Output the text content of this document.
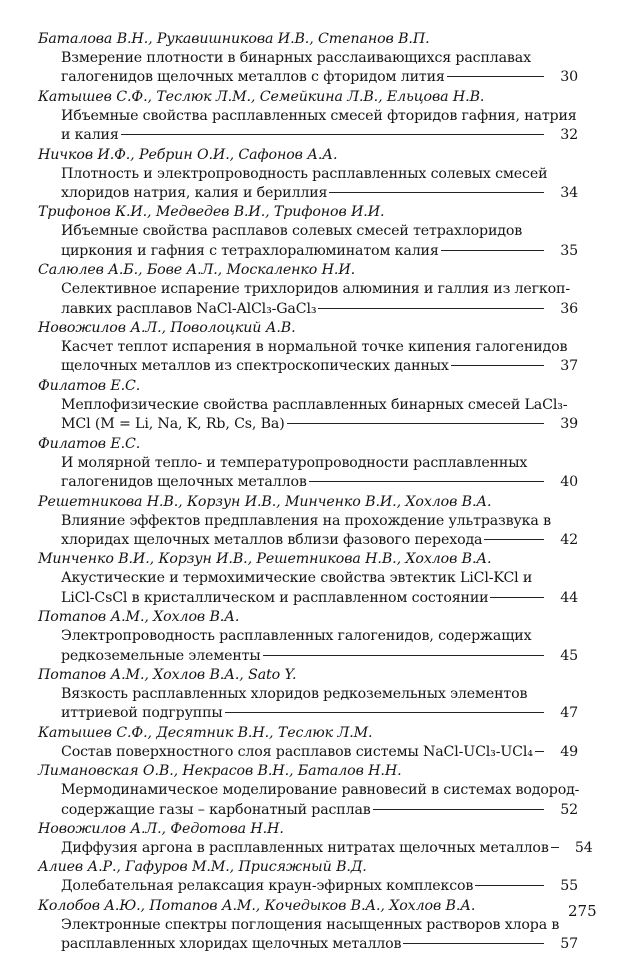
Баталова В.Н., Рукавишникова И.В., Степанов В.П.
Взмерение плотности в бинарных расслаивающихся расплавах
галогенидов щелочных металлов с фторидом лития	30
Катышев С.Ф., Теслюк Л.М., Семейкина Л.В., Ельцова Н.В.
Ибъемные свойства расплавленных смесей фторидов гафния, натрия
и калия	32
Ничков И.Ф., Ребрин О.И., Сафонов А.А.
Плотность и электропроводность расплавленных солевых смесей
хлоридов натрия, калия и бериллия	34
Трифонов К.И., Медведев В.И., Трифонов И.И.
Ибъемные свойства расплавов солевых смесей тетрахлоридов
циркония и гафния с тетрахлоралюминатом калия	35
Салюлев А.Б., Бове А.Л., Москаленко Н.И.
Селективное испарение трихлоридов алюминия и галлия из легкоп-
лавких расплавов NaCl-AlCl₃-GaCl₃	36
Новожилов А.Л., Поволоцкий А.В.
Касчет теплот испарения в нормальной точке кипения галогенидов
щелочных металлов из спектроскопических данных	37
Филатов Е.С.
Мeплофизические свойства расплавленных бинарных смесей LaCl₃-
MCl (M = Li, Na, K, Rb, Cs, Ba)	39
Филатов Е.С.
И молярной тепло- и температуропроводности расплавленных
галогенидов щелочных металлов	40
Решетникова Н.В., Корзун И.В., Минченко В.И., Хохлов В.А.
Влияние эффектов предплавления на прохождение ультразвука в
хлоридах щелочных металлов вблизи фазового перехода	42
Минченко В.И., Корзун И.В., Решетникова Н.В., Хохлов В.А.
Акустические и термохимические свойства эвтектик LiCl-KCl и
LiCl-CsCl в кристаллическом и расплавленном состоянии	44
Потапов А.М., Хохлов В.А.
Электропроводность расплавленных галогенидов, содержащих
редкоземельные элементы	45
Потапов А.М., Хохлов В.А., Sato Y.
Вязкость расплавленных хлоридов редкоземельных элементов
иттриевой подгруппы	47
Катышев С.Ф., Десятник В.Н., Теслюк Л.М.
Состав поверхностного слоя расплавов системы NaCl-UCl₃-UCl₄	49
Лимановская О.В., Некрасов В.Н., Баталов Н.Н.
Мермодинамическое моделирование равновесий в системах водород-
содержащие газы – карбонатный расплав	52
Новожилов А.Л., Федотова Н.Н.
Диффузия аргона в расплавленных нитратах щелочных металлов	54
Алиев А.Р., Гафуров М.М., Присяжный В.Д.
Долебательная релаксация краун-эфирных комплексов	55
Колобов А.Ю., Потапов А.М., Кочедыков В.А., Хохлов В.А.
Электронные спектры поглощения насыщенных растворов хлора в
расплавленных хлоридах щелочных металлов	57
275
